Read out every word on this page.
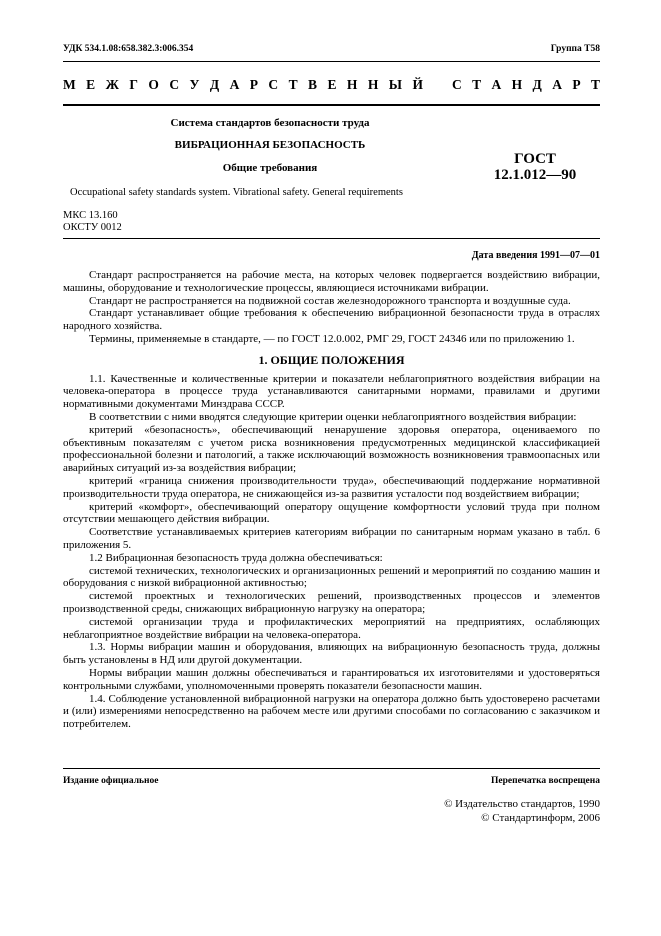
УДК 534.1.08:658.382.3:006.354	Группа Т58
М Е Ж Г О С У Д А Р С Т В Е Н Н Ы Й С Т А Н Д А Р Т
Система стандартов безопасности труда
ВИБРАЦИОННАЯ БЕЗОПАСНОСТЬ
Общие требования
ГОСТ
12.1.012—90
Occupational safety standards system. Vibrational safety. General requirements
МКС 13.160
ОКСТУ 0012
Дата введения 1991—07—01

Стандарт распространяется на рабочие места, на которых человек подвергается воздействию вибрации, машины, оборудование и технологические процессы, являющиеся источниками вибрации.

Стандарт не распространяется на подвижной состав железнодорожного транспорта и воздушные суда.

Стандарт устанавливает общие требования к обеспечению вибрационной безопасности труда в отраслях народного хозяйства.

Термины, применяемые в стандарте, — по ГОСТ 12.0.002, РМГ 29, ГОСТ 24346 или по приложению 1.

1. ОБЩИЕ ПОЛОЖЕНИЯ

1.1. Качественные и количественные критерии и показатели неблагоприятного воздействия вибрации на человека-оператора в процессе труда устанавливаются санитарными нормами, правилами и другими нормативными документами Минздрава СССР.

В соответствии с ними вводятся следующие критерии оценки неблагоприятного воздействия вибрации:

критерий «безопасность», обеспечивающий ненарушение здоровья оператора, оцениваемого по объективным показателям с учетом риска возникновения предусмотренных медицинской классификацией профессиональной болезни и патологий, а также исключающий возможность возникновения травмоопасных или аварийных ситуаций из-за воздействия вибрации;

критерий «граница снижения производительности труда», обеспечивающий поддержание нормативной производительности труда оператора, не снижающейся из-за развития усталости под воздействием вибрации;

критерий «комфорт», обеспечивающий оператору ощущение комфортности условий труда при полном отсутствии мешающего действия вибрации.

Соответствие устанавливаемых критериев категориям вибрации по санитарным нормам указано в табл. 6 приложения 5.

1.2 Вибрационная безопасность труда должна обеспечиваться:

системой технических, технологических и организационных решений и мероприятий по созданию машин и оборудования с низкой вибрационной активностью;

системой проектных и технологических решений, производственных процессов и элементов производственной среды, снижающих вибрационную нагрузку на оператора;

системой организации труда и профилактических мероприятий на предприятиях, ослабляющих неблагоприятное воздействие вибрации на человека-оператора.

1.3. Нормы вибрации машин и оборудования, влияющих на вибрационную безопасность труда, должны быть установлены в НД или другой документации.

Нормы вибрации машин должны обеспечиваться и гарантироваться их изготовителями и удостоверяться контрольными службами, уполномоченными проверять показатели безопасности машин.

1.4. Соблюдение установленной вибрационной нагрузки на оператора должно быть удостоверено расчетами и (или) измерениями непосредственно на рабочем месте или другими способами по согласованию с заказчиком и потребителем.

Издание официальное	Перепечатка воспрещена
© Издательство стандартов, 1990
© Стандартинформ, 2006
